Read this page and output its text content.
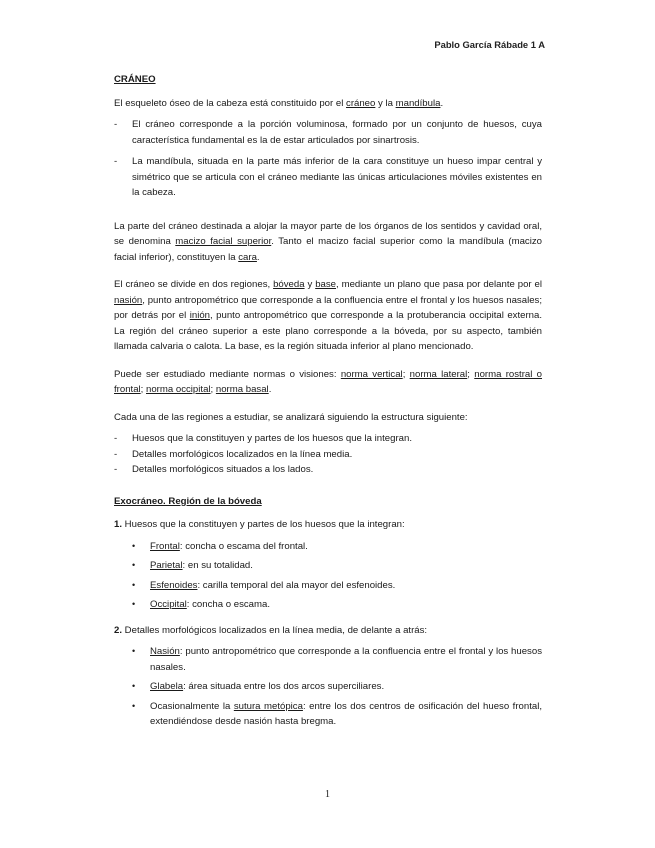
Pablo García Rábade 1 A

CRÁNEO

El esqueleto óseo de la cabeza está constituido por el cráneo y la mandíbula.

- El cráneo corresponde a la porción voluminosa, formado por un conjunto de huesos, cuya característica fundamental es la de estar articulados por sinartrosis.
- La mandíbula, situada en la parte más inferior de la cara constituye un hueso impar central y simétrico que se articula con el cráneo mediante las únicas articulaciones móviles existentes en la cabeza.

La parte del cráneo destinada a alojar la mayor parte de los órganos de los sentidos y cavidad oral, se denomina macizo facial superior. Tanto el macizo facial superior como la mandíbula (macizo facial inferior), constituyen la cara.

El cráneo se divide en dos regiones, bóveda y base, mediante un plano que pasa por delante por el nasión, punto antropométrico que corresponde a la confluencia entre el frontal y los huesos nasales; por detrás por el inión, punto antropométrico que corresponde a la protuberancia occipital externa. La región del cráneo superior a este plano corresponde a la bóveda, por su aspecto, también llamada calvaria o calota. La base, es la región situada inferior al plano mencionado.

Puede ser estudiado mediante normas o visiones: norma vertical; norma lateral; norma rostral o frontal; norma occipital; norma basal.

Cada una de las regiones a estudiar, se analizará siguiendo la estructura siguiente:

- Huesos que la constituyen y partes de los huesos que la integran.
- Detalles morfológicos localizados en la línea media.
- Detalles morfológicos situados a los lados.

Exocráneo. Región de la bóveda

1. Huesos que la constituyen y partes de los huesos que la integran:

• Frontal: concha o escama del frontal.
• Parietal: en su totalidad.
• Esfenoides: carilla temporal del ala mayor del esfenoides.
• Occipital: concha o escama.

2. Detalles morfológicos localizados en la línea media, de delante a atrás:

• Nasión: punto antropométrico que corresponde a la confluencia entre el frontal y los huesos nasales.
• Glabela: área situada entre los dos arcos superciliares.
• Ocasionalmente la sutura metópica: entre los dos centros de osificación del hueso frontal, extendiéndose desde nasión hasta bregma.
1
